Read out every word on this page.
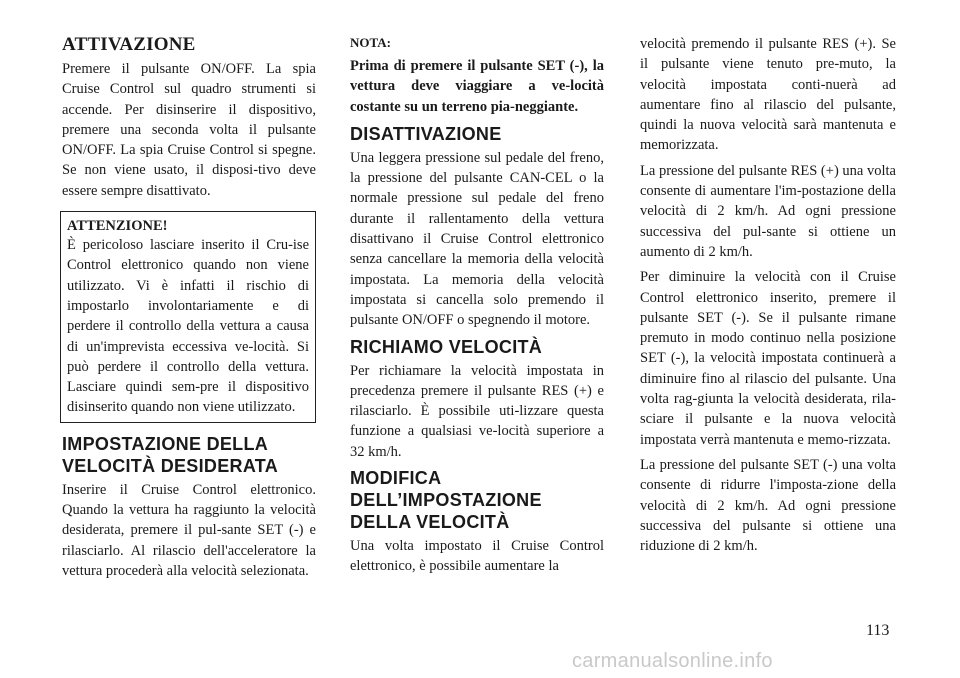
ATTIVAZIONE
Premere il pulsante ON/OFF. La spia Cruise Control sul quadro strumenti si accende. Per disinserire il dispositivo, premere una seconda volta il pulsante ON/OFF. La spia Cruise Control si spegne. Se non viene usato, il disposi-tivo deve essere sempre disattivato.
ATTENZIONE!
È pericoloso lasciare inserito il Cru-ise Control elettronico quando non viene utilizzato. Vi è infatti il rischio di impostarlo involontariamente e di perdere il controllo della vettura a causa di un'imprevista eccessiva ve-locità. Si può perdere il controllo della vettura. Lasciare quindi sem-pre il dispositivo disinserito quando non viene utilizzato.
IMPOSTAZIONE DELLA VELOCITÀ DESIDERATA
Inserire il Cruise Control elettronico. Quando la vettura ha raggiunto la velocità desiderata, premere il pul-sante SET (-) e rilasciarlo. Al rilascio dell'acceleratore la vettura procederà alla velocità selezionata.
NOTA:
Prima di premere il pulsante SET (-), la vettura deve viaggiare a ve-locità costante su un terreno pia-neggiante.
DISATTIVAZIONE
Una leggera pressione sul pedale del freno, la pressione del pulsante CAN-CEL o la normale pressione sul pedale del freno durante il rallentamento della vettura disattivano il Cruise Control elettronico senza cancellare la memoria della velocità impostata. La memoria della velocità impostata si cancella solo premendo il pulsante ON/OFF o spegnendo il motore.
RICHIAMO VELOCITÀ
Per richiamare la velocità impostata in precedenza premere il pulsante RES (+) e rilasciarlo. È possibile uti-lizzare questa funzione a qualsiasi ve-locità superiore a 32 km/h.
MODIFICA DELL’IMPOSTAZIONE DELLA VELOCITÀ
Una volta impostato il Cruise Control elettronico, è possibile aumentare la
velocità premendo il pulsante RES (+). Se il pulsante viene tenuto pre-muto, la velocità impostata conti-nuerà ad aumentare fino al rilascio del pulsante, quindi la nuova velocità sarà mantenuta e memorizzata.
La pressione del pulsante RES (+) una volta consente di aumentare l'im-postazione della velocità di 2 km/h. Ad ogni pressione successiva del pul-sante si ottiene un aumento di 2 km/h.
Per diminuire la velocità con il Cruise Control elettronico inserito, premere il pulsante SET (-). Se il pulsante rimane premuto in modo continuo nella posizione SET (-), la velocità impostata continuerà a diminuire fino al rilascio del pulsante. Una volta rag-giunta la velocità desiderata, rila-sciare il pulsante e la nuova velocità impostata verrà mantenuta e memo-rizzata.
La pressione del pulsante SET (-) una volta consente di ridurre l'imposta-zione della velocità di 2 km/h. Ad ogni pressione successiva del pulsante si ottiene una riduzione di 2 km/h.
113
carmanualsonline.info
